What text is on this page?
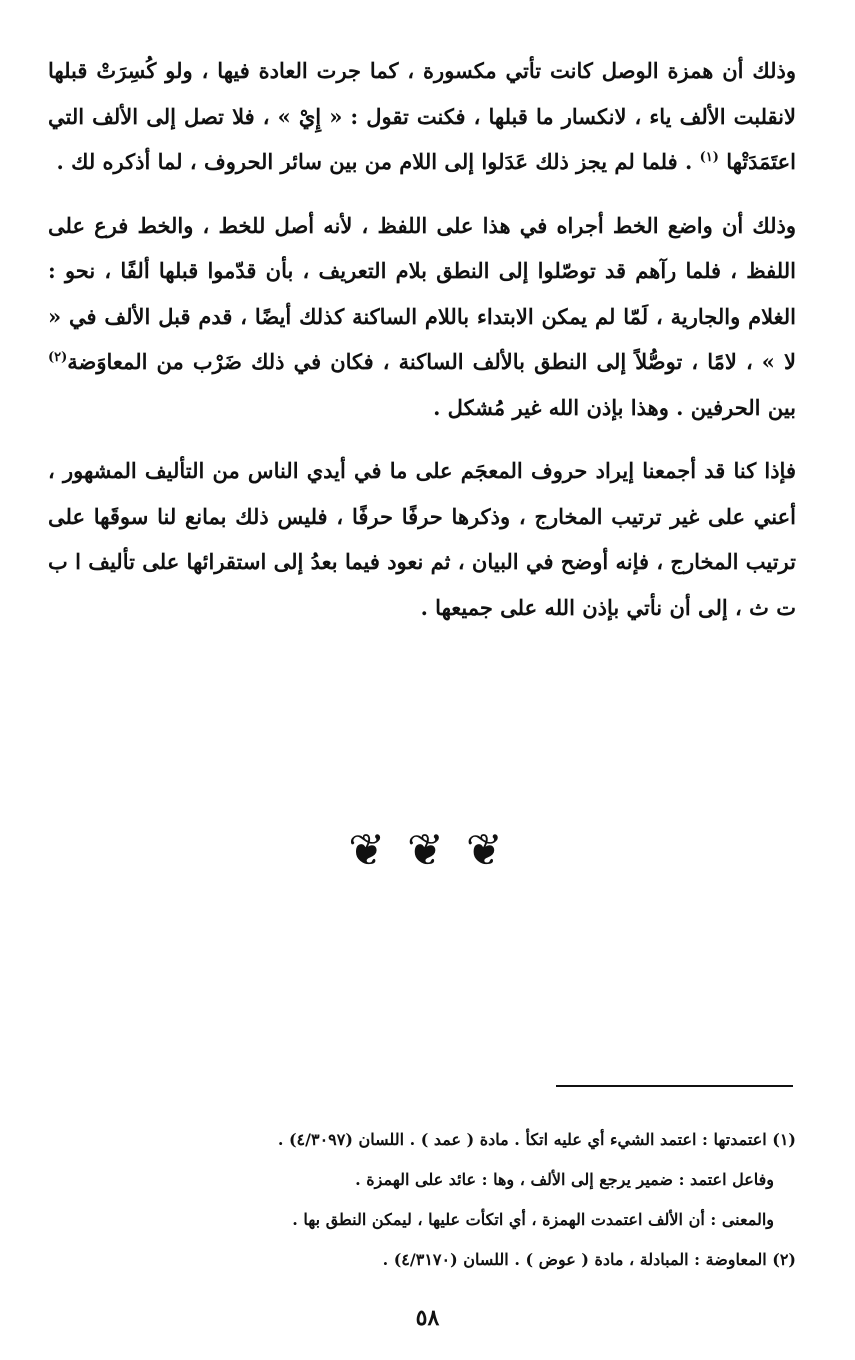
وذلك أن همزة الوصل كانت تأتي مكسورة ، كما جرت العادة فيها ، ولو كُسِرَتْ قبلها لانقلبت الألف ياء ، لانكسار ما قبلها ، فكنت تقول : « إِيْ » ، فلا تصل إلى الألف التي اعتَمَدَتْها $^{(١)}$ . فلما لم يجز ذلك عَدَلوا إلى اللام من بين سائر الحروف ، لما أذكره لك .

وذلك أن واضع الخط أجراه في هذا على اللفظ ، لأنه أصل للخط ، والخط فرع على اللفظ ، فلما رآهم قد توصّلوا إلى النطق بلام التعريف ، بأن قدّموا قبلها ألفًا ، نحو : الغلام والجارية ، لَمّا لم يمكن الابتداء باللام الساكنة كذلك أيضًا ، قدم قبل الألف في « لا » ، لامًا ، توصُّلاً إلى النطق بالألف الساكنة ، فكان في ذلك ضَرْب من المعاوَضة$^{(٢)}$ بين الحرفين . وهذا بإذن الله غير مُشكل .

فإذا كنا قد أجمعنا إيراد حروف المعجَم على ما في أيدي الناس من التأليف المشهور ، أعني على غير ترتيب المخارج ، وذكرها حرفًا حرفًا ، فليس ذلك بمانع لنا سوقَها على ترتيب المخارج ، فإنه أوضح في البيان ، ثم نعود فيما بعدُ إلى استقرائها على تأليف ا ب ت ث ، إلى أن نأتي بإذن الله على جميعها .

❦ ❦ ❦

(١) اعتمدتها : اعتمد الشيء أي عليه اتكأ . مادة ( عمد ) . اللسان (٤/٣٠٩٧) .

وفاعل اعتمد : ضمير يرجع إلى الألف ، وها : عائد على الهمزة .

والمعنى : أن الألف اعتمدت الهمزة ، أي اتكأت عليها ، ليمكن النطق بها .

(٢) المعاوضة : المبادلة ، مادة ( عوض ) . اللسان (٤/٣١٧٠) .

٥٨
